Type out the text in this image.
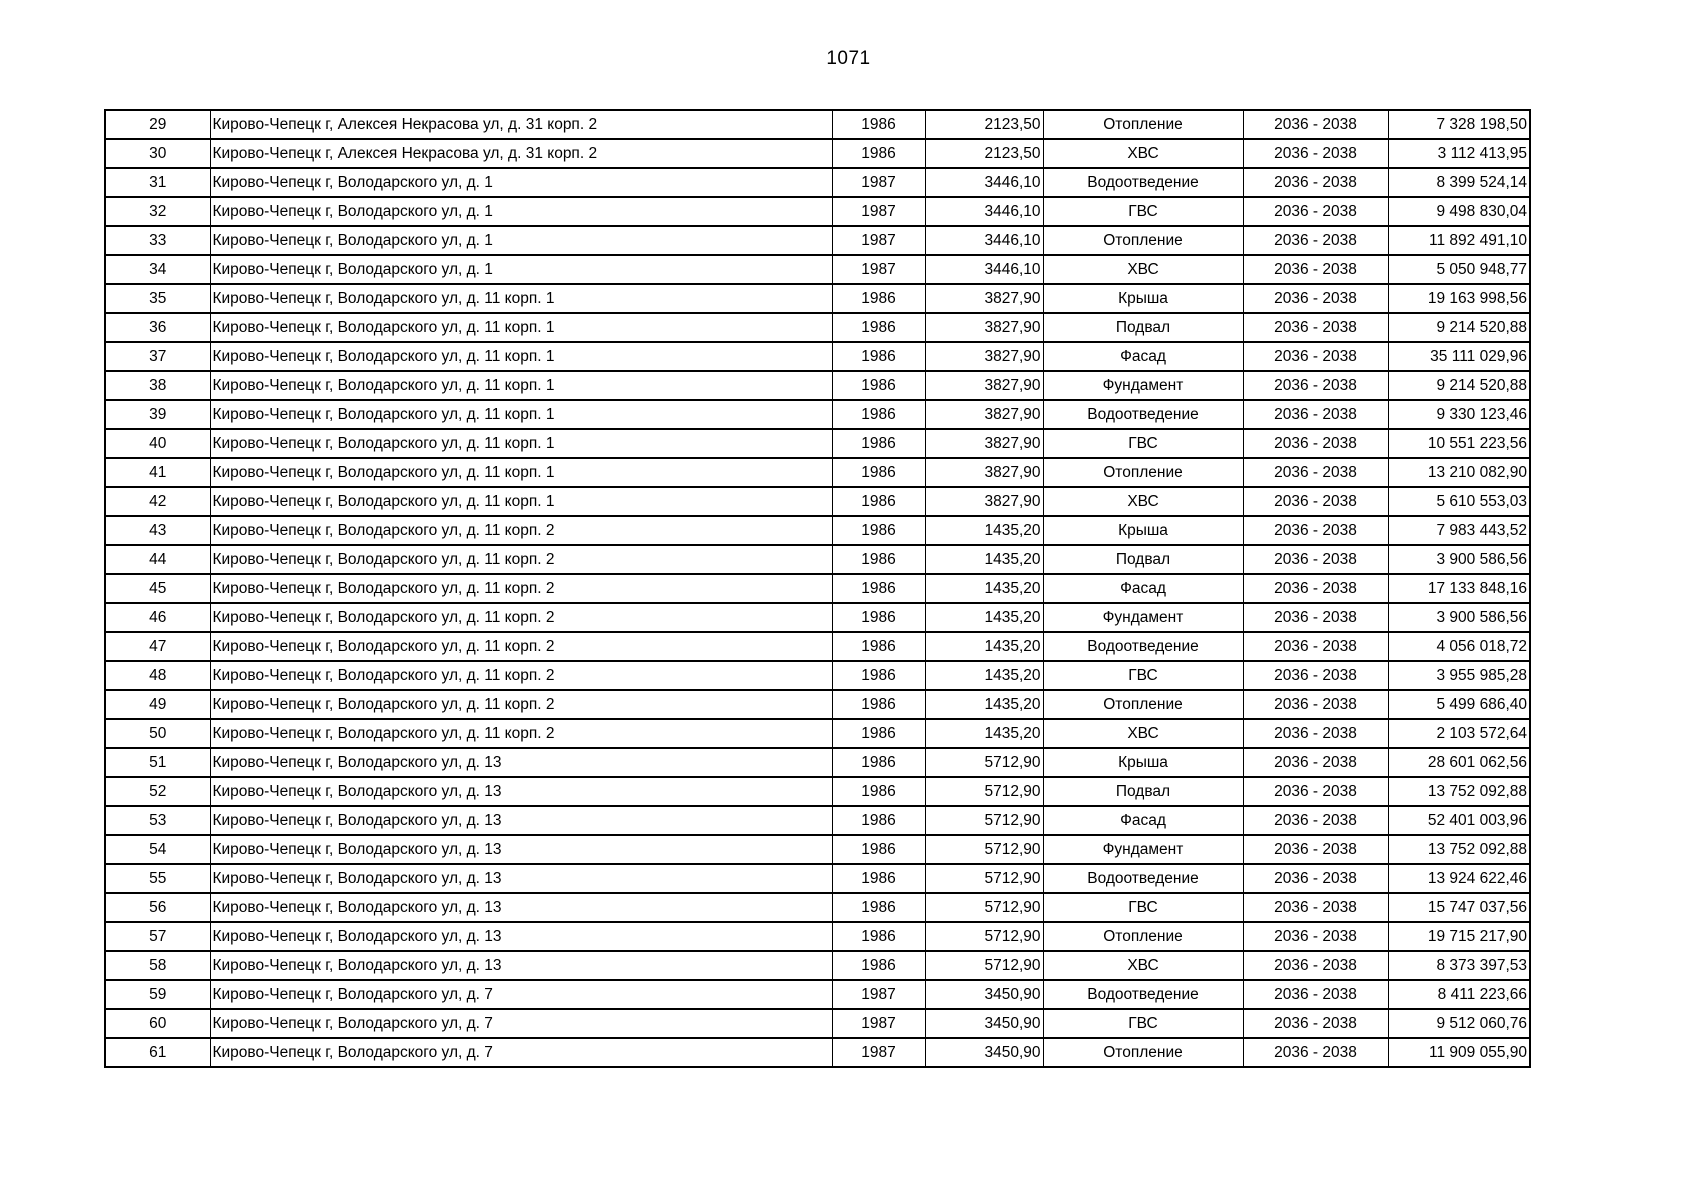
1071
29	Кирово-Чепецк г, Алексея Некрасова ул, д. 31 корп. 2	1986	2123,50	Отопление	2036 - 2038	7 328 198,50
30	Кирово-Чепецк г, Алексея Некрасова ул, д. 31 корп. 2	1986	2123,50	ХВС	2036 - 2038	3 112 413,95
31	Кирово-Чепецк г, Володарского ул, д. 1	1987	3446,10	Водоотведение	2036 - 2038	8 399 524,14
32	Кирово-Чепецк г, Володарского ул, д. 1	1987	3446,10	ГВС	2036 - 2038	9 498 830,04
33	Кирово-Чепецк г, Володарского ул, д. 1	1987	3446,10	Отопление	2036 - 2038	11 892 491,10
34	Кирово-Чепецк г, Володарского ул, д. 1	1987	3446,10	ХВС	2036 - 2038	5 050 948,77
35	Кирово-Чепецк г, Володарского ул, д. 11 корп. 1	1986	3827,90	Крыша	2036 - 2038	19 163 998,56
36	Кирово-Чепецк г, Володарского ул, д. 11 корп. 1	1986	3827,90	Подвал	2036 - 2038	9 214 520,88
37	Кирово-Чепецк г, Володарского ул, д. 11 корп. 1	1986	3827,90	Фасад	2036 - 2038	35 111 029,96
38	Кирово-Чепецк г, Володарского ул, д. 11 корп. 1	1986	3827,90	Фундамент	2036 - 2038	9 214 520,88
39	Кирово-Чепецк г, Володарского ул, д. 11 корп. 1	1986	3827,90	Водоотведение	2036 - 2038	9 330 123,46
40	Кирово-Чепецк г, Володарского ул, д. 11 корп. 1	1986	3827,90	ГВС	2036 - 2038	10 551 223,56
41	Кирово-Чепецк г, Володарского ул, д. 11 корп. 1	1986	3827,90	Отопление	2036 - 2038	13 210 082,90
42	Кирово-Чепецк г, Володарского ул, д. 11 корп. 1	1986	3827,90	ХВС	2036 - 2038	5 610 553,03
43	Кирово-Чепецк г, Володарского ул, д. 11 корп. 2	1986	1435,20	Крыша	2036 - 2038	7 983 443,52
44	Кирово-Чепецк г, Володарского ул, д. 11 корп. 2	1986	1435,20	Подвал	2036 - 2038	3 900 586,56
45	Кирово-Чепецк г, Володарского ул, д. 11 корп. 2	1986	1435,20	Фасад	2036 - 2038	17 133 848,16
46	Кирово-Чепецк г, Володарского ул, д. 11 корп. 2	1986	1435,20	Фундамент	2036 - 2038	3 900 586,56
47	Кирово-Чепецк г, Володарского ул, д. 11 корп. 2	1986	1435,20	Водоотведение	2036 - 2038	4 056 018,72
48	Кирово-Чепецк г, Володарского ул, д. 11 корп. 2	1986	1435,20	ГВС	2036 - 2038	3 955 985,28
49	Кирово-Чепецк г, Володарского ул, д. 11 корп. 2	1986	1435,20	Отопление	2036 - 2038	5 499 686,40
50	Кирово-Чепецк г, Володарского ул, д. 11 корп. 2	1986	1435,20	ХВС	2036 - 2038	2 103 572,64
51	Кирово-Чепецк г, Володарского ул, д. 13	1986	5712,90	Крыша	2036 - 2038	28 601 062,56
52	Кирово-Чепецк г, Володарского ул, д. 13	1986	5712,90	Подвал	2036 - 2038	13 752 092,88
53	Кирово-Чепецк г, Володарского ул, д. 13	1986	5712,90	Фасад	2036 - 2038	52 401 003,96
54	Кирово-Чепецк г, Володарского ул, д. 13	1986	5712,90	Фундамент	2036 - 2038	13 752 092,88
55	Кирово-Чепецк г, Володарского ул, д. 13	1986	5712,90	Водоотведение	2036 - 2038	13 924 622,46
56	Кирово-Чепецк г, Володарского ул, д. 13	1986	5712,90	ГВС	2036 - 2038	15 747 037,56
57	Кирово-Чепецк г, Володарского ул, д. 13	1986	5712,90	Отопление	2036 - 2038	19 715 217,90
58	Кирово-Чепецк г, Володарского ул, д. 13	1986	5712,90	ХВС	2036 - 2038	8 373 397,53
59	Кирово-Чепецк г, Володарского ул, д. 7	1987	3450,90	Водоотведение	2036 - 2038	8 411 223,66
60	Кирово-Чепецк г, Володарского ул, д. 7	1987	3450,90	ГВС	2036 - 2038	9 512 060,76
61	Кирово-Чепецк г, Володарского ул, д. 7	1987	3450,90	Отопление	2036 - 2038	11 909 055,90
